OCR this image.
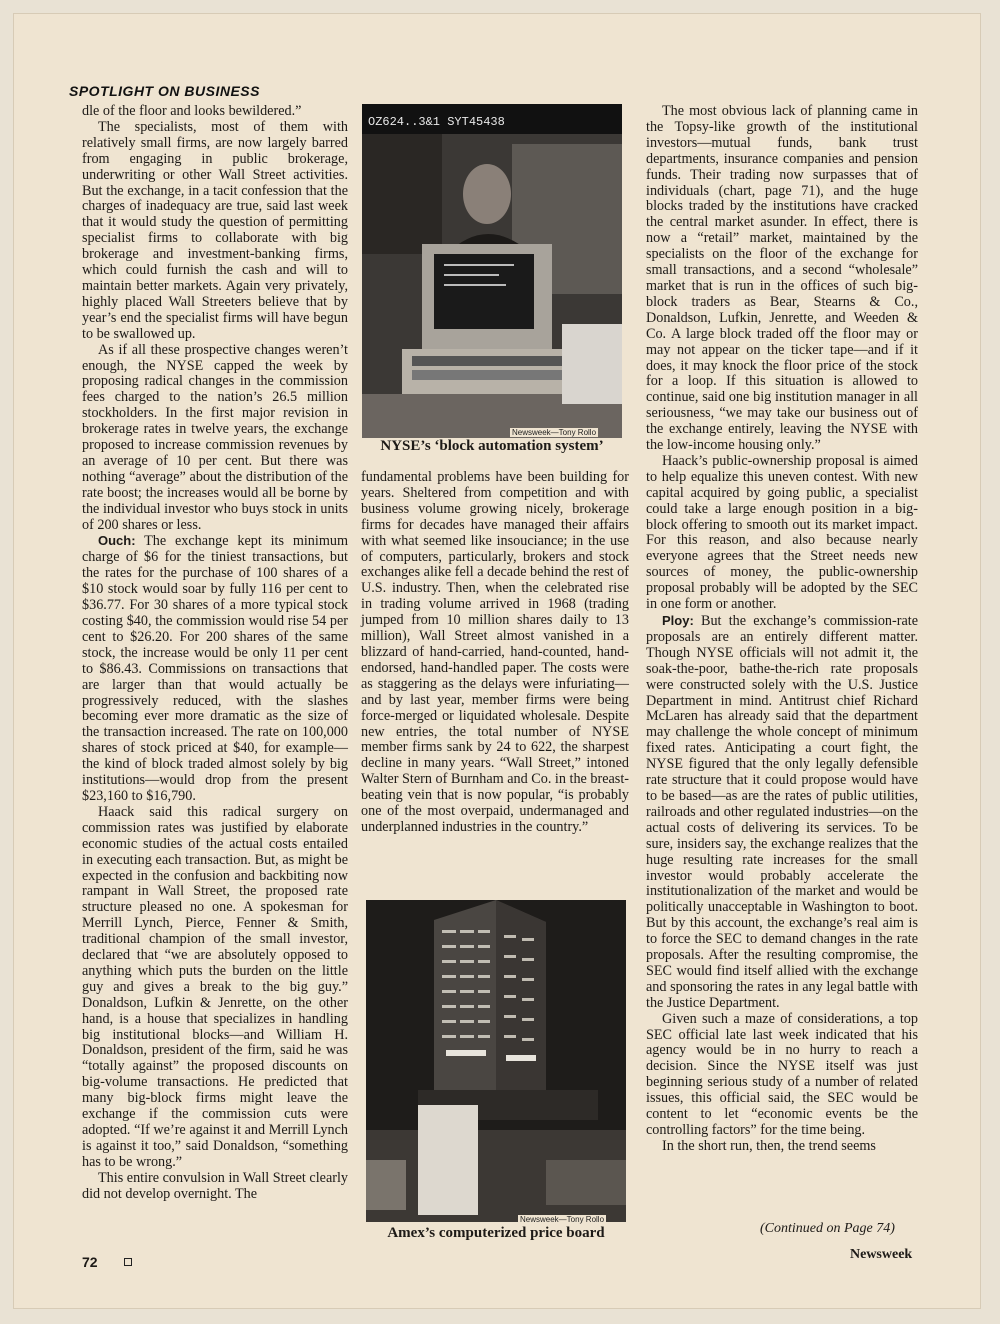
SPOTLIGHT ON BUSINESS

dle of the floor and looks bewildered.”

The specialists, most of them with relatively small firms, are now largely barred from engaging in public brokerage, underwriting or other Wall Street activities. But the exchange, in a tacit confession that the charges of inadequacy are true, said last week that it would study the question of permitting specialist firms to collaborate with big brokerage and investment-banking firms, which could furnish the cash and will to maintain better markets. Again very privately, highly placed Wall Streeters believe that by year’s end the specialist firms will have begun to be swallowed up.

As if all these prospective changes weren’t enough, the NYSE capped the week by proposing radical changes in the commission fees charged to the nation’s 26.5 million stockholders. In the first major revision in brokerage rates in twelve years, the exchange proposed to increase commission revenues by an average of 10 per cent. But there was nothing “average” about the distribution of the rate boost; the increases would all be borne by the individual investor who buys stock in units of 200 shares or less.

Ouch: The exchange kept its minimum charge of $6 for the tiniest transactions, but the rates for the purchase of 100 shares of a $10 stock would soar by fully 116 per cent to $36.77. For 30 shares of a more typical stock costing $40, the commission would rise 54 per cent to $26.20. For 200 shares of the same stock, the increase would be only 11 per cent to $86.43. Commissions on transactions that are larger than that would actually be progressively reduced, with the slashes becoming ever more dramatic as the size of the transaction increased. The rate on 100,000 shares of stock priced at $40, for example—the kind of block traded almost solely by big institutions—would drop from the present $23,160 to $16,790.

Haack said this radical surgery on commission rates was justified by elaborate economic studies of the actual costs entailed in executing each transaction. But, as might be expected in the confusion and backbiting now rampant in Wall Street, the proposed rate structure pleased no one. A spokesman for Merrill Lynch, Pierce, Fenner & Smith, traditional champion of the small investor, declared that “we are absolutely opposed to anything which puts the burden on the little guy and gives a break to the big guy.” Donaldson, Lufkin & Jenrette, on the other hand, is a house that specializes in handling big institutional blocks—and William H. Donaldson, president of the firm, said he was “totally against” the proposed discounts on big-volume transactions. He predicted that many big-block firms might leave the exchange if the commission cuts were adopted. “If we’re against it and Merrill Lynch is against it too,” said Donaldson, “something has to be wrong.”

This entire convulsion in Wall Street clearly did not develop overnight. The

OZ624..3&1 SYT45438
Newsweek—Tony Rollo
NYSE’s ‘block automation system’

fundamental problems have been building for years. Sheltered from competition and with business volume growing nicely, brokerage firms for decades have managed their affairs with what seemed like insouciance; in the use of computers, particularly, brokers and stock exchanges alike fell a decade behind the rest of U.S. industry. Then, when the celebrated rise in trading volume arrived in 1968 (trading jumped from 10 million shares daily to 13 million), Wall Street almost vanished in a blizzard of hand-carried, hand-counted, hand-endorsed, hand-handled paper. The costs were as staggering as the delays were infuriating—and by last year, member firms were being force-merged or liquidated wholesale. Despite new entries, the total number of NYSE member firms sank by 24 to 622, the sharpest decline in many years. “Wall Street,” intoned Walter Stern of Burnham and Co. in the breast-beating vein that is now popular, “is probably one of the most overpaid, undermanaged and underplanned industries in the country.”

Newsweek—Tony Rollo
Amex’s computerized price board

The most obvious lack of planning came in the Topsy-like growth of the institutional investors—mutual funds, bank trust departments, insurance companies and pension funds. Their trading now surpasses that of individuals (chart, page 71), and the huge blocks traded by the institutions have cracked the central market asunder. In effect, there is now a “retail” market, maintained by the specialists on the floor of the exchange for small transactions, and a second “wholesale” market that is run in the offices of such big-block traders as Bear, Stearns & Co., Donaldson, Lufkin, Jenrette, and Weeden & Co. A large block traded off the floor may or may not appear on the ticker tape—and if it does, it may knock the floor price of the stock for a loop. If this situation is allowed to continue, said one big institution manager in all seriousness, “we may take our business out of the exchange entirely, leaving the NYSE with the low-income housing only.”

Haack’s public-ownership proposal is aimed to help equalize this uneven contest. With new capital acquired by going public, a specialist could take a large enough position in a big-block offering to smooth out its market impact. For this reason, and also because nearly everyone agrees that the Street needs new sources of money, the public-ownership proposal probably will be adopted by the SEC in one form or another.

Ploy: But the exchange’s commission-rate proposals are an entirely different matter. Though NYSE officials will not admit it, the soak-the-poor, bathe-the-rich rate proposals were constructed solely with the U.S. Justice Department in mind. Antitrust chief Richard McLaren has already said that the department may challenge the whole concept of minimum fixed rates. Anticipating a court fight, the NYSE figured that the only legally defensible rate structure that it could propose would have to be based—as are the rates of public utilities, railroads and other regulated industries—on the actual costs of delivering its services. To be sure, insiders say, the exchange realizes that the huge resulting rate increases for the small investor would probably accelerate the institutionalization of the market and would be politically unacceptable in Washington to boot. But by this account, the exchange’s real aim is to force the SEC to demand changes in the rate proposals. After the resulting compromise, the SEC would find itself allied with the exchange and sponsoring the rates in any legal battle with the Justice Department.

Given such a maze of considerations, a top SEC official late last week indicated that his agency would be in no hurry to reach a decision. Since the NYSE itself was just beginning serious study of a number of related issues, this official said, the SEC would be content to let “economic events be the controlling factors” for the time being.

In the short run, then, the trend seems

(Continued on Page 74)
72	Newsweek
